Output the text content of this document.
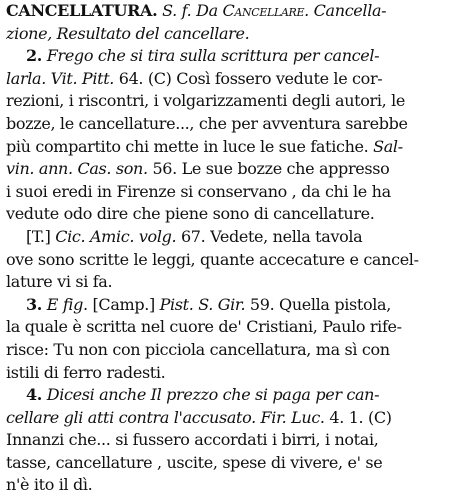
CANCELLATURA. S. f. Da Cancellare. Cancella-
zione, Resultato del cancellare.
2. Frego che si tira sulla scrittura per cancel-
larla. Vit. Pitt. 64. (C) Così fossero vedute le cor-
rezioni, i riscontri, i volgarizzamenti degli autori, le
bozze, le cancellature..., che per avventura sarebbe
più compartito chi mette in luce le sue fatiche. Sal-
vin. ann. Cas. son. 56. Le sue bozze che appresso
i suoi eredi in Firenze si conservano , da chi le ha
vedute odo dire che piene sono di cancellature.
[T.] Cic. Amic. volg. 67. Vedete, nella tavola
ove sono scritte le leggi, quante accecature e cancel-
lature vi si fa.
3. E fig. [Camp.] Pist. S. Gir. 59. Quella pistola,
la quale è scritta nel cuore de' Cristiani, Paulo rife-
risce: Tu non con picciola cancellatura, ma sì con
istili di ferro radesti.
4. Dicesi anche Il prezzo che si paga per can-
cellare gli atti contra l'accusato. Fir. Luc. 4. 1. (C)
Innanzi che... si fussero accordati i birri, i notai,
tasse, cancellature , uscite, spese di vivere, e' se
n'è ito il dì.
